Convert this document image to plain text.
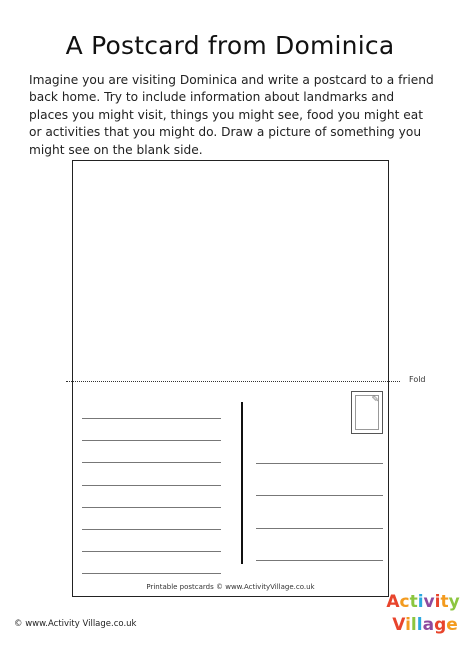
A Postcard from Dominica
Imagine you are visiting Dominica and write a postcard to a friend back home. Try to include information about landmarks and places you might visit, things you might see, food you might eat or activities that you might do. Draw a picture of something you might see on the blank side.
Fold
✎
Printable postcards © www.ActivityVillage.co.uk
© www.Activity Village.co.uk
Activity
Village
